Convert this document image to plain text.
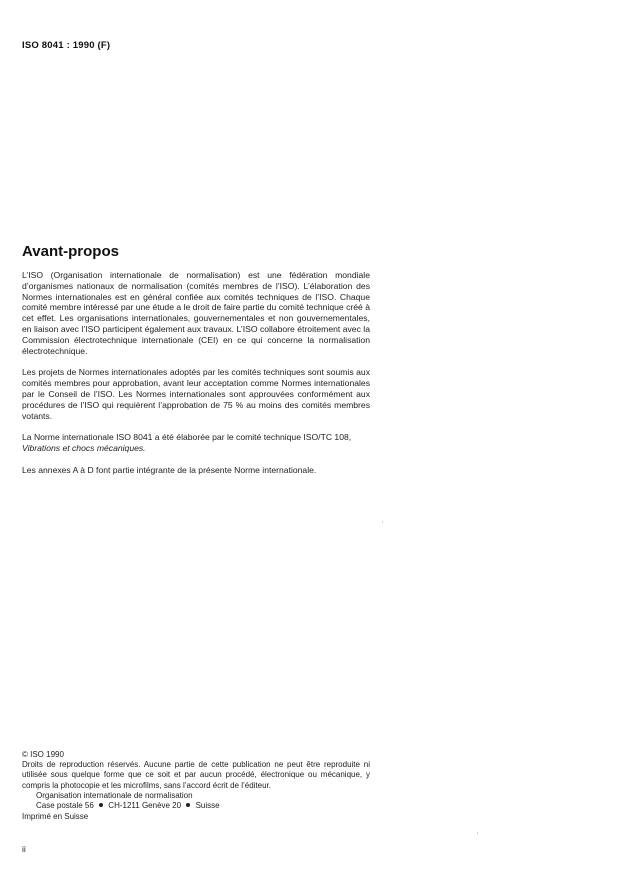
ISO 8041 : 1990 (F)
Avant-propos

L’ISO (Organisation internationale de normalisation) est une fédération mondiale d’organismes nationaux de normalisation (comités membres de l’ISO). L’élaboration des Normes internationales est en général confiée aux comités techniques de l’ISO. Chaque comité membre intéressé par une étude a le droit de faire partie du comité technique créé à cet effet. Les organisations internationales, gouvernementales et non gouvernementales, en liaison avec l’ISO participent également aux travaux. L’ISO collabore étroitement avec la Commission électrotechnique internationale (CEI) en ce qui concerne la normalisation électrotechnique.

Les projets de Normes internationales adoptés par les comités techniques sont soumis aux comités membres pour approbation, avant leur acceptation comme Normes internationales par le Conseil de l’ISO. Les Normes internationales sont approuvées conformément aux procédures de l’ISO qui requièrent l’approbation de 75 % au moins des comités membres votants.

La Norme internationale ISO 8041 a été élaborée par le comité technique ISO/TC 108,
Vibrations et chocs mécaniques.

Les annexes A à D font partie intégrante de la présente Norme internationale.

© ISO 1990

Droits de reproduction réservés. Aucune partie de cette publication ne peut être reproduite ni utilisée sous quelque forme que ce soit et par aucun procédé, électronique ou mécanique, y compris la photocopie et les microfilms, sans l’accord écrit de l’éditeur.

Organisation internationale de normalisation

Case postale 56 CH-1211 Genève 20 Suisse

Imprimé en Suisse

ii
